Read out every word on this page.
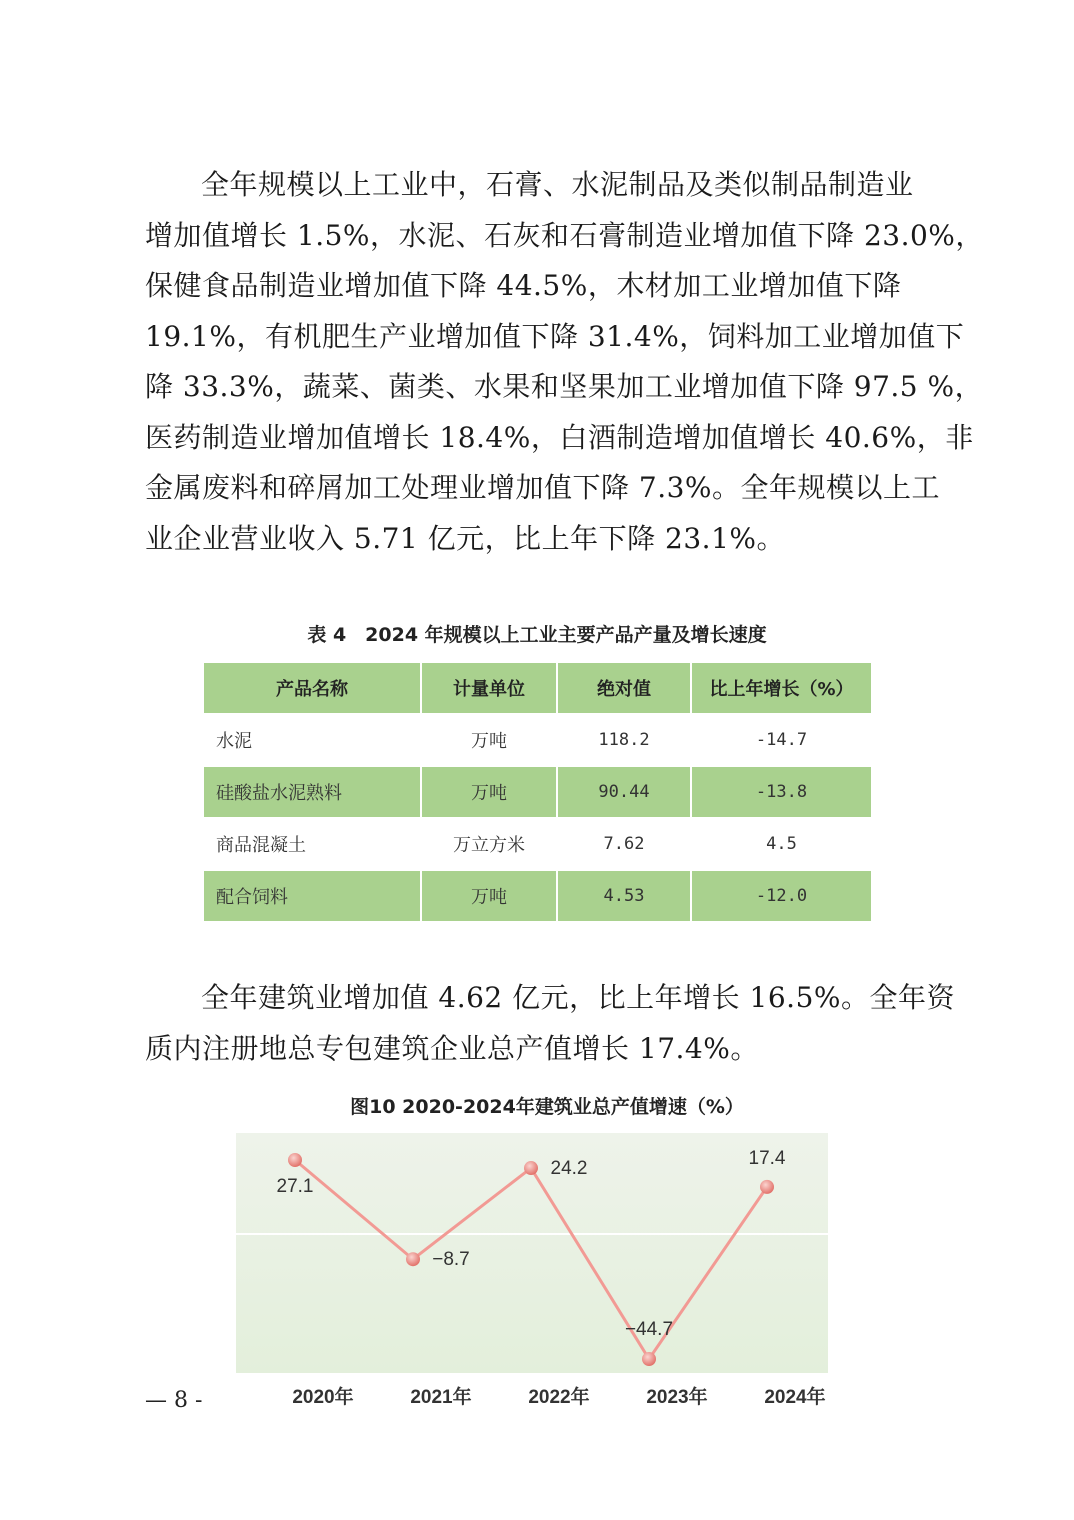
全年规模以上工业中，石膏、水泥制品及类似制品制造业
增加值增长 1.5%，水泥、石灰和石膏制造业增加值下降 23.0%，
保健食品制造业增加值下降 44.5%，木材加工业增加值下降
19.1%，有机肥生产业增加值下降 31.4%，饲料加工业增加值下
降 33.3%，蔬菜、菌类、水果和坚果加工业增加值下降 97.5 %，
医药制造业增加值增长 18.4%，白酒制造增加值增长 40.6%，非
金属废料和碎屑加工处理业增加值下降 7.3%。全年规模以上工
业企业营业收入 5.71 亿元，比上年下降 23.1%。
表 4　2024 年规模以上工业主要产品产量及增长速度
产品名称	计量单位	绝对值	比上年增长（%）
水泥	万吨	118.2	-14.7
硅酸盐水泥熟料	万吨	90.44	-13.8
商品混凝土	万立方米	7.62	4.5
配合饲料	万吨	4.53	-12.0
全年建筑业增加值 4.62 亿元，比上年增长 16.5%。全年资
质内注册地总专包建筑企业总产值增长 17.4%。
图10 2020-2024年建筑业总产值增速（%）
27.1
2020年
−8.7
2021年
24.2
2022年
−44.7
2023年
17.4
2024年
— 8 -
